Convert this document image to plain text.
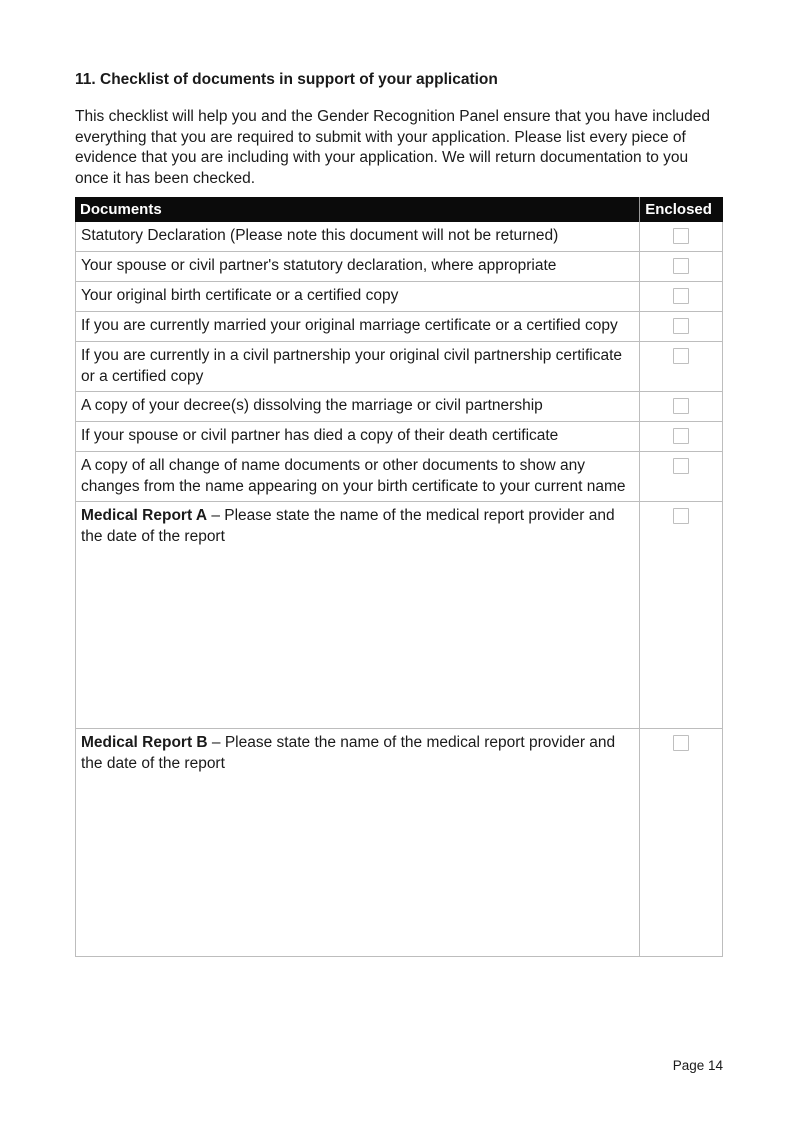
11. Checklist of documents in support of your application

This checklist will help you and the Gender Recognition Panel ensure that you have included everything that you are required to submit with your application. Please list every piece of evidence that you are including with your application. We will return documentation to you once it has been checked.

Documents	Enclosed
Statutory Declaration (Please note this document will not be returned)
Your spouse or civil partner's statutory declaration, where appropriate
Your original birth certificate or a certified copy
If you are currently married your original marriage certificate or a certified copy
If you are currently in a civil partnership your original civil partnership certificate or a certified copy
A copy of your decree(s) dissolving the marriage or civil partnership
If your spouse or civil partner has died a copy of their death certificate
A copy of all change of name documents or other documents to show any changes from the name appearing on your birth certificate to your current name
Medical Report A – Please state the name of the medical report provider and the date of the report
Medical Report B – Please state the name of the medical report provider and the date of the report
Page 14
